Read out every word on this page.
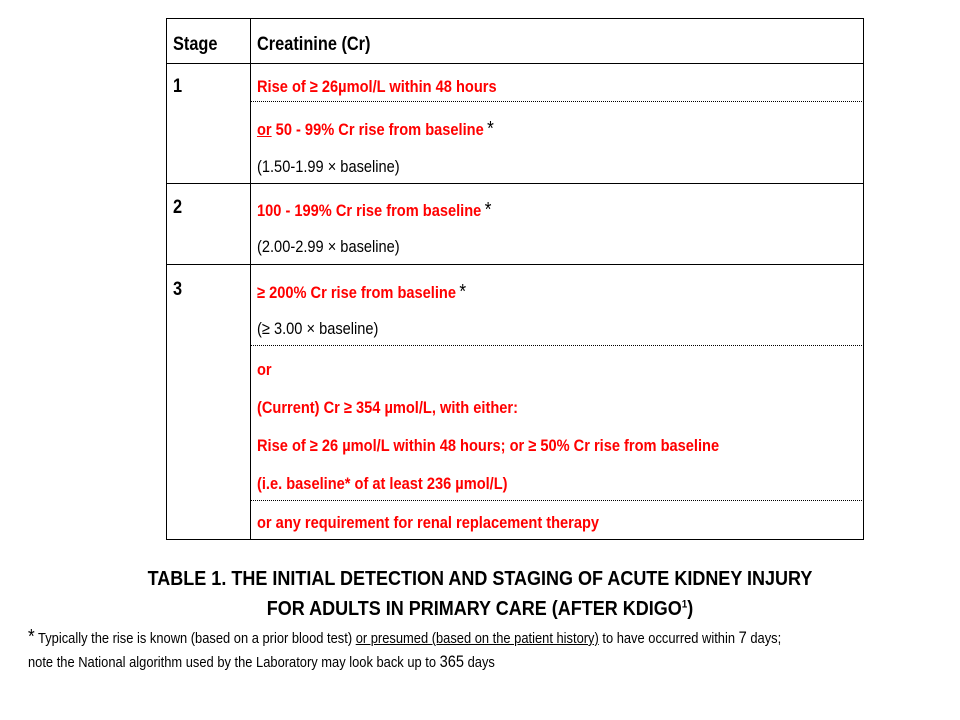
Stage Creatinine (Cr)
1	Rise of ≥ 26µmol/L within 48 hours
or 50 - 99% Cr rise from baseline *
(1.50-1.99 × baseline)
2	100 - 199% Cr rise from baseline *
(2.00-2.99 × baseline)
3	≥ 200% Cr rise from baseline *
(≥ 3.00 × baseline)
or
(Current) Cr ≥ 354 µmol/L, with either:
Rise of ≥ 26 µmol/L within 48 hours; or ≥ 50% Cr rise from baseline
(i.e. baseline* of at least 236 µmol/L)
or any requirement for renal replacement therapy
TABLE 1. THE INITIAL DETECTION AND STAGING OF ACUTE KIDNEY INJURY
FOR ADULTS IN PRIMARY CARE (AFTER KDIGO$^1$)
* Typically the rise is known (based on a prior blood test) or presumed (based on the patient history) to have occurred within 7 days;
note the National algorithm used by the Laboratory may look back up to 365 days
